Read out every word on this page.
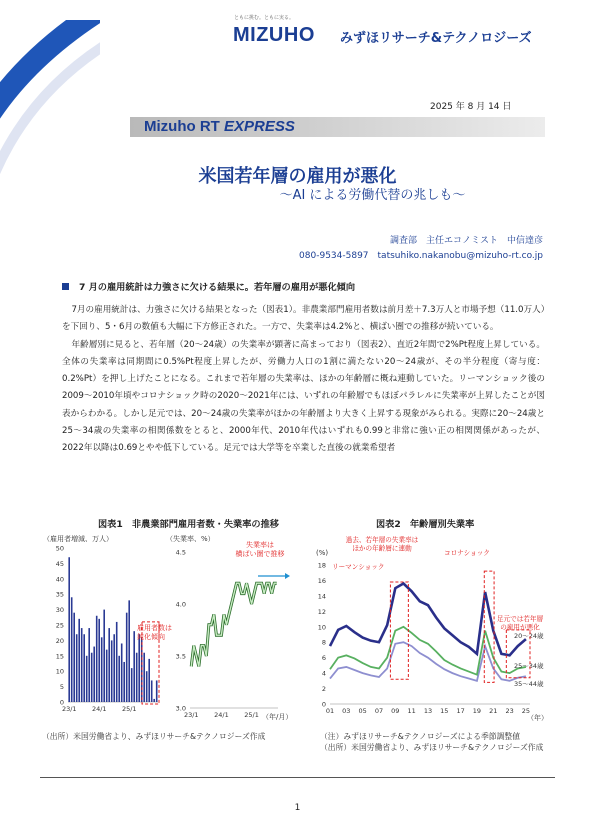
ともに挑む。ともに実る。
MIZUHO みずほリサーチ&テクノロジーズ
2025 年 8 月 14 日
Mizuho RT EXPRESS
米国若年層の雇用が悪化
～AI による労働代替の兆しも～
調査部　主任エコノミスト　中信達彦
080-9534-5897　tatsuhiko.nakanobu@mizuho-rt.co.jp
7 月の雇用統計は力強さに欠ける結果に。若年層の雇用が悪化傾向

7月の雇用統計は、力強さに欠ける結果となった（図表1）。非農業部門雇用者数は前月差＋7.3万人と市場予想（11.0万人）を下回り、5・6月の数値も大幅に下方修正された。一方で、失業率は4.2%と、横ばい圏での推移が続いている。

年齢層別に見ると、若年層（20～24歳）の失業率が顕著に高まっており（図表2）、直近2年間で2%Pt程度上昇している。全体の失業率は同期間に0.5%Pt程度上昇したが、労働力人口の1割に満たない20～24歳が、その半分程度（寄与度：0.2%Pt）を押し上げたことになる。これまで若年層の失業率は、ほかの年齢層に概ね連動していた。リーマンショック後の2009～2010年頃やコロナショック時の2020～2021年には、いずれの年齢層でもほぼパラレルに失業率が上昇したことが図表からわかる。しかし足元では、20～24歳の失業率がほかの年齢層より大きく上昇する現象がみられる。実際に20～24歳と25～34歳の失業率の相関係数をとると、2000年代、2010年代はいずれも0.99と非常に強い正の相関関係があったが、2022年以降は0.69とやや低下している。足元では大学等を卒業した直後の就業希望者

図表1　非農業部門雇用者数・失業率の推移	図表2　年齢層別失業率
（雇用者増減、万人）	（失業率、%）
0
5
10
15
20
25
30
35
40
45
50
23/1 24/1 25/1
雇用者数は鈍化傾向
3.0
3.5
4.0
4.5
23/1 24/1 25/1
失業率は横ばい圏で推移
（年/月）
(%)
0
2
4
6
8
10
12
14
16
18
01 03 05 07 09 11 13 15 17 19 21 23 25
20～24歳
25～34歳
35～44歳
過去、若年層の失業率はほかの年齢層に連動
リーマンショック
コロナショック
足元では若年層の雇用が悪化
（年）
（出所）米国労働省より、みずほリサーチ&テクノロジーズ作成	（注）みずほリサーチ&テクノロジーズによる季節調整値
（出所）米国労働省より、みずほリサーチ&テクノロジーズ作成
1
